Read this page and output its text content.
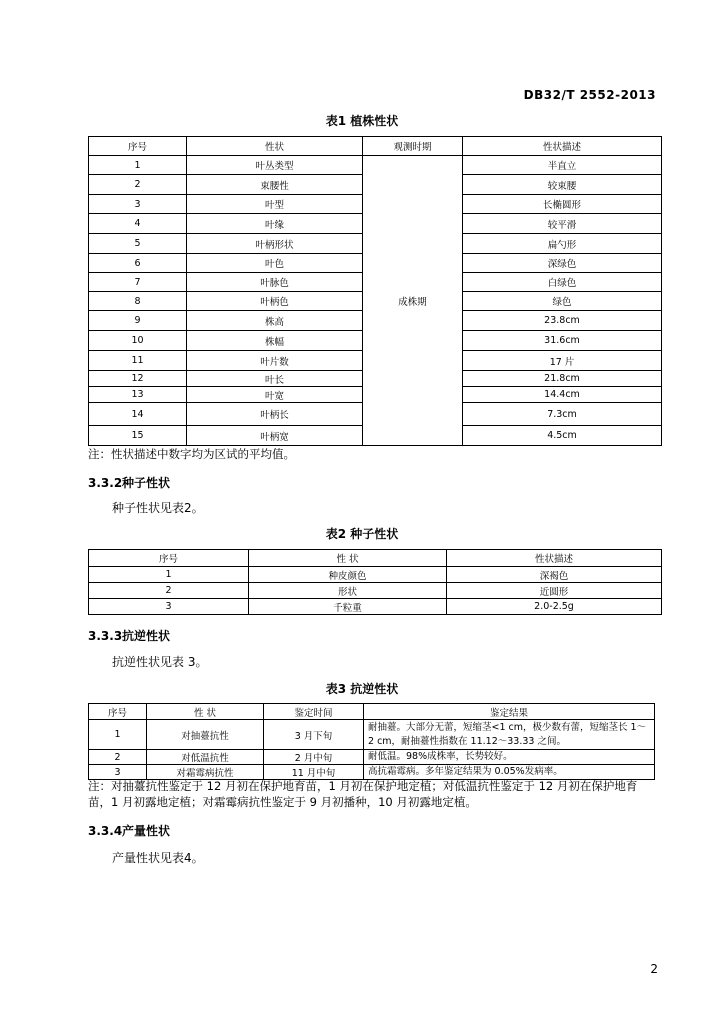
DB32/T 2552-2013
表1 植株性状
序号	性状	观测时期	性状描述
1	叶丛类型	成株期	半直立
2	束腰性		较束腰
3	叶型		长椭圆形
4	叶缘		较平滑
5	叶柄形状		扁勺形
6	叶色		深绿色
7	叶脉色		白绿色
8	叶柄色		绿色
9	株高		23.8cm
10	株幅		31.6cm
11	叶片数		17 片
12	叶长		21.8cm
13	叶宽		14.4cm
14	叶柄长		7.3cm
15	叶柄宽		4.5cm
注：性状描述中数字均为区试的平均值。
3.3.2种子性状
种子性状见表2。
表2 种子性状
序号	性 状	性状描述
1	种皮颜色	深褐色
2	形状	近圆形
3	千粒重	2.0-2.5g
3.3.3抗逆性状
抗逆性状见表 3。
表3 抗逆性状
序号	性 状	鉴定时间	鉴定结果
1	对抽薹抗性	3 月下旬	耐抽薹。大部分无蕾，短缩茎<1 cm，极少数有蕾，短缩茎长 1～
2 cm，耐抽薹性指数在 11.12～33.33 之间。

2	对低温抗性	2 月中旬	耐低温。98%成株率，长势较好。

3	对霜霉病抗性	11 月中旬	高抗霜霉病。多年鉴定结果为 0.05%发病率。
注：对抽薹抗性鉴定于 12 月初在保护地育苗，1 月初在保护地定植；对低温抗性鉴定于 12 月初在保护地育苗，1 月初露地定植；对霜霉病抗性鉴定于 9 月初播种，10 月初露地定植。
3.3.4产量性状
产量性状见表4。
2
